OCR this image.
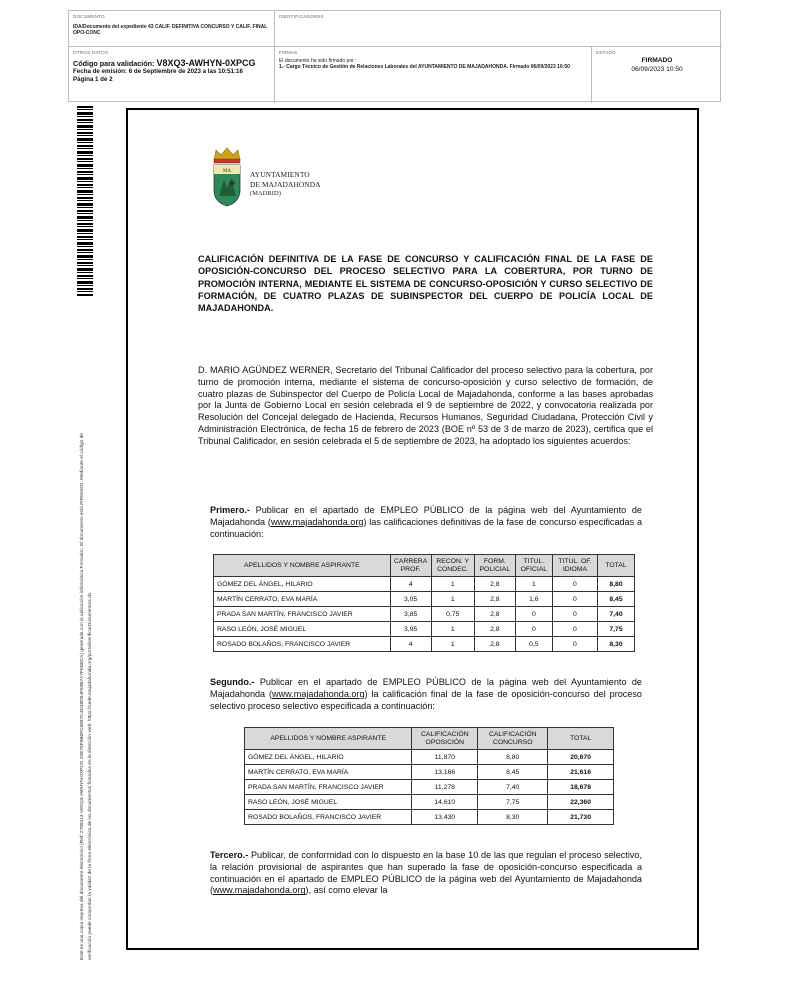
DOCUMENTO
IDA/Documento del expediente 43 CALIF. DEFINITIVA CONCURSO Y CALIF. FINAL OPO-CONC
IDENTIFICADORES
OTROS DATOS
Código para validación: V8XQ3-AWHYN-0XPCG
Fecha de emisión: 6 de Septiembre de 2023 a las 10:51:16
Página 1 de 2
FIRMAS
El documento ha sido firmado por :
1.- Cargo Técnico de Gestión de Relaciones Laborales del AYUNTAMIENTO DE MAJADAHONDA. Firmado 06/09/2023 10:50
ESTADO
FIRMADO
06/09/2023 10:50
Este es una copia impresa del documento electrónico (Ref: 2789213 V8XQ3-AWHYN-0XPCG 20E79F9B6FC6897C4D48D54F60B7A7F6D8CA) generada con la aplicación informática Firmadoc. El documento está FIRMADO. Mediante el código de verificación puede comprobar la validez de la firma electrónica de los documentos firmados en la dirección web: https://sede.majadahonda.org/portal/verificarDocumentos.do
MA	AYUNTAMIENTO
DE MAJADAHONDA
(MADRID)
CALIFICACIÓN DEFINITIVA DE LA FASE DE CONCURSO Y CALIFICACIÓN FINAL DE LA FASE DE OPOSICIÓN-CONCURSO DEL PROCESO SELECTIVO PARA LA COBERTURA, POR TURNO DE PROMOCIÓN INTERNA, MEDIANTE EL SISTEMA DE CONCURSO-OPOSICIÓN Y CURSO SELECTIVO DE FORMACIÓN, DE CUATRO PLAZAS DE SUBINSPECTOR DEL CUERPO DE POLICÍA LOCAL DE MAJADAHONDA.
D. MARIO AGÜNDEZ WERNER, Secretario del Tribunal Calificador del proceso selectivo para la cobertura, por turno de promoción interna, mediante el sistema de concurso-oposición y curso selectivo de formación, de cuatro plazas de Subinspector del Cuerpo de Policía Local de Majadahonda, conforme a las bases aprobadas por la Junta de Gobierno Local en sesión celebrada el 9 de septiembre de 2022, y convocatoria realizada por Resolución del Concejal delegado de Hacienda, Recursos Humanos, Seguridad Ciudadana, Protección Civil y Administración Electrónica, de fecha 15 de febrero de 2023 (BOE nº 53 de 3 de marzo de 2023), certifica que el Tribunal Calificador, en sesión celebrada el 5 de septiembre de 2023, ha adoptado los siguientes acuerdos:
Primero.- Publicar en el apartado de EMPLEO PÚBLICO de la página web del Ayuntamiento de Majadahonda (www.majadahonda.org) las calificaciones definitivas de la fase de concurso especificadas a continuación:
APELLIDOS Y NOMBRE ASPIRANTE	CARRERA PROF.	RECON. Y CONDEC.	FORM. POLICIAL	TITUL. OFICIAL	TITUL. OF. IDIOMA	TOTAL
GÓMEZ DEL ÁNGEL, HILARIO	4	1	2,8	1	0	8,80
MARTÍN CERRATO, EVA MARÍA	3,05	1	2,8	1,6	0	8,45
PRADA SAN MARTÍN, FRANCISCO JAVIER	3,85	0,75	2,8	0	0	7,40
RASO LEÓN, JOSÉ MIGUEL	3,95	1	2,8	0	0	7,75
ROSADO BOLAÑOS, FRANCISCO JAVIER	4	1	2,8	0,5	0	8,30
Segundo.- Publicar en el apartado de EMPLEO PÚBLICO de la página web del Ayuntamiento de Majadahonda (www.majadahonda.org) la calificación final de la fase de oposición-concurso del proceso selectivo proceso selectivo especificada a continuación:
APELLIDOS Y NOMBRE ASPIRANTE	CALIFICACIÓN OPOSICIÓN	CALIFICACIÓN CONCURSO	TOTAL
GÓMEZ DEL ÁNGEL, HILARIO	11,870	8,80	20,670
MARTÍN CERRATO, EVA MARÍA	13,166	8,45	21,616
PRADA SAN MARTÍN, FRANCISCO JAVIER	11,278	7,40	18,678
RASO LEÓN, JOSÉ MIGUEL	14,610	7,75	22,360
ROSADO BOLAÑOS, FRANCISCO JAVIER	13,430	8,30	21,730
Tercero.- Publicar, de conformidad con lo dispuesto en la base 10 de las que regulan el proceso selectivo, la relación provisional de aspirantes que han superado la fase de oposición-concurso especificada a continuación en el apartado de EMPLEO PÚBLICO de la página web del Ayuntamiento de Majadahonda (www.majadahonda.org), así como elevar la
